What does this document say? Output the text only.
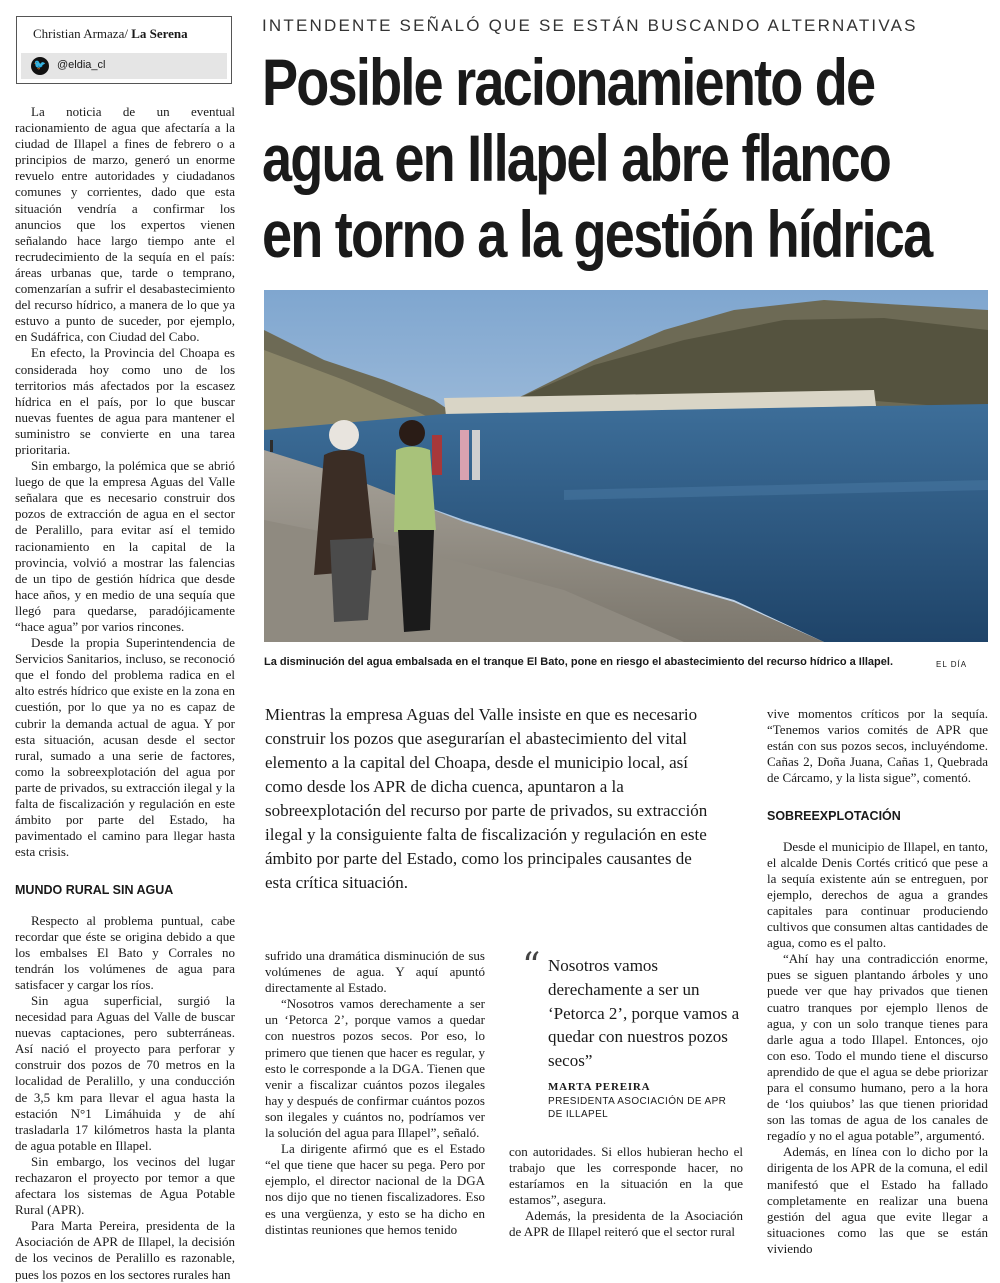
Christian Armaza/ La Serena
🐦 @eldia_cl
INTENDENTE SEÑALÓ QUE SE ESTÁN BUSCANDO ALTERNATIVAS
Posible racionamiento de
agua en Illapel abre flanco
en torno a la gestión hídrica
La disminución del agua embalsada en el tranque El Bato, pone en riesgo el abastecimiento del recurso hídrico a Illapel.	EL DÍA

La noticia de un eventual racionamiento de agua que afectaría a la ciudad de Illapel a fines de febrero o a principios de marzo, generó un enorme revuelo entre autoridades y ciudadanos comunes y corrientes, dado que esta situación vendría a confirmar los anuncios que los expertos vienen señalando hace largo tiempo ante el recrudecimiento de la sequía en el país: áreas urbanas que, tarde o temprano, comenzarían a sufrir el desabastecimiento del recurso hídrico, a manera de lo que ya estuvo a punto de suceder, por ejemplo, en Sudáfrica, con Ciudad del Cabo.

En efecto, la Provincia del Choapa es considerada hoy como uno de los territorios más afectados por la escasez hídrica en el país, por lo que buscar nuevas fuentes de agua para mantener el suministro se convierte en una tarea prioritaria.

Sin embargo, la polémica que se abrió luego de que la empresa Aguas del Valle señalara que es necesario construir dos pozos de extracción de agua en el sector de Peralillo, para evitar así el temido racionamiento en la capital de la provincia, volvió a mostrar las falencias de un tipo de gestión hídrica que desde hace años, y en medio de una sequía que llegó para quedarse, paradójicamente “hace agua” por varios rincones.

Desde la propia Superintendencia de Servicios Sanitarios, incluso, se reconoció que el fondo del problema radica en el alto estrés hídrico que existe en la zona en cuestión, por lo que ya no es capaz de cubrir la demanda actual de agua. Y por esta situación, acusan desde el sector rural, sumado a una serie de factores, como la sobreexplotación del agua por parte de privados, su extracción ilegal y la falta de fiscalización y regulación en este ámbito por parte del Estado, ha pavimentado el camino para llegar hasta esta crisis.

MUNDO RURAL SIN AGUA

Respecto al problema puntual, cabe recordar que éste se origina debido a que los embalses El Bato y Corrales no tendrán los volúmenes de agua para satisfacer y cargar los ríos.

Sin agua superficial, surgió la necesidad para Aguas del Valle de buscar nuevas captaciones, pero subterráneas. Así nació el proyecto para perforar y construir dos pozos de 70 metros en la localidad de Peralillo, y una conducción de 3,5 km para llevar el agua hasta la estación N°1 Limáhuida y de ahí trasladarla 17 kilómetros hasta la planta de agua potable en Illapel.

Sin embargo, los vecinos del lugar rechazaron el proyecto por temor a que afectara los sistemas de Agua Potable Rural (APR).

Para Marta Pereira, presidenta de la Asociación de APR de Illapel, la decisión de los vecinos de Peralillo es razonable, pues los pozos en los sectores rurales han

Mientras la empresa Aguas del Valle insiste en que es necesario construir los pozos que asegurarían el abastecimiento del vital elemento a la capital del Choapa, desde el municipio local, así como desde los APR de dicha cuenca, apuntaron a la sobreexplotación del recurso por parte de privados, su extracción ilegal y la consiguiente falta de fiscalización y regulación en este ámbito por parte del Estado, como los principales causantes de esta crítica situación.

sufrido una dramática disminución de sus volúmenes de agua. Y aquí apuntó directamente al Estado.

“Nosotros vamos derechamente a ser un ‘Petorca 2’, porque vamos a quedar con nuestros pozos secos. Por eso, lo primero que tienen que hacer es regular, y esto le corresponde a la DGA. Tienen que venir a fiscalizar cuántos pozos ilegales hay y después de confirmar cuántos pozos son ilegales y cuántos no, podríamos ver la solución del agua para Illapel”, señaló.

La dirigente afirmó que es el Estado “el que tiene que hacer su pega. Pero por ejemplo, el director nacional de la DGA nos dijo que no tienen fiscalizadores. Eso es una vergüenza, y esto se ha dicho en distintas reuniones que hemos tenido

“ Nosotros vamos derechamente a ser un ‘Petorca 2’, porque vamos a quedar con nuestros pozos secos”
MARTA PEREIRA
PRESIDENTA ASOCIACIÓN DE APR DE ILLAPEL

con autoridades. Si ellos hubieran hecho el trabajo que les corresponde hacer, no estaríamos en la situación en la que estamos”, asegura.

Además, la presidenta de la Asociación de APR de Illapel reiteró que el sector rural

vive momentos críticos por la sequía. “Tenemos varios comités de APR que están con sus pozos secos, incluyéndome. Cañas 2, Doña Juana, Cañas 1, Quebrada de Cárcamo, y la lista sigue”, comentó.

SOBREEXPLOTACIÓN

Desde el municipio de Illapel, en tanto, el alcalde Denis Cortés criticó que pese a la sequía existente aún se entreguen, por ejemplo, derechos de agua a grandes capitales para continuar produciendo cultivos que consumen altas cantidades de agua, como es el palto.

“Ahí hay una contradicción enorme, pues se siguen plantando árboles y uno puede ver que hay privados que tienen cuatro tranques por ejemplo llenos de agua, y con un solo tranque tienes para darle agua a todo Illapel. Entonces, ojo con eso. Todo el mundo tiene el discurso aprendido de que el agua se debe priorizar para el consumo humano, pero a la hora de ‘los quiubos’ las que tienen prioridad son las tomas de agua de los canales de regadío y no el agua potable”, argumentó.

Además, en línea con lo dicho por la dirigenta de los APR de la comuna, el edil manifestó que el Estado ha fallado completamente en realizar una buena gestión del agua que evite llegar a situaciones como las que se están viviendo
